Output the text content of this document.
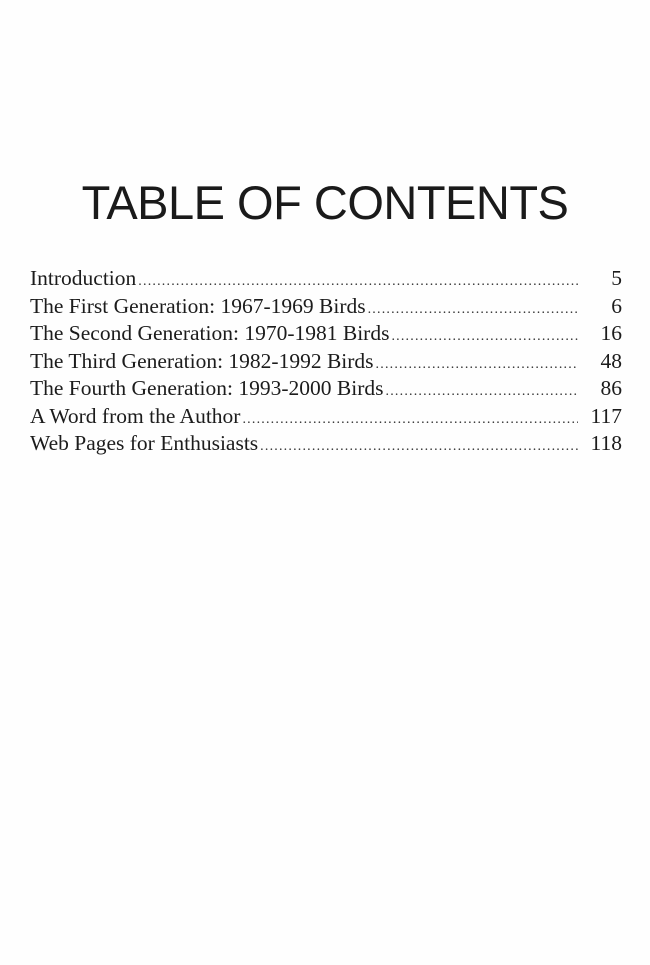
TABLE OF CONTENTS
Introduction .....	5
The First Generation: 1967-1969 Birds .....	6
The Second Generation: 1970-1981 Birds .....	16
The Third Generation: 1982-1992 Birds .....	48
The Fourth Generation: 1993-2000 Birds .....	86
A Word from the Author .....	117
Web Pages for Enthusiasts .....	118
